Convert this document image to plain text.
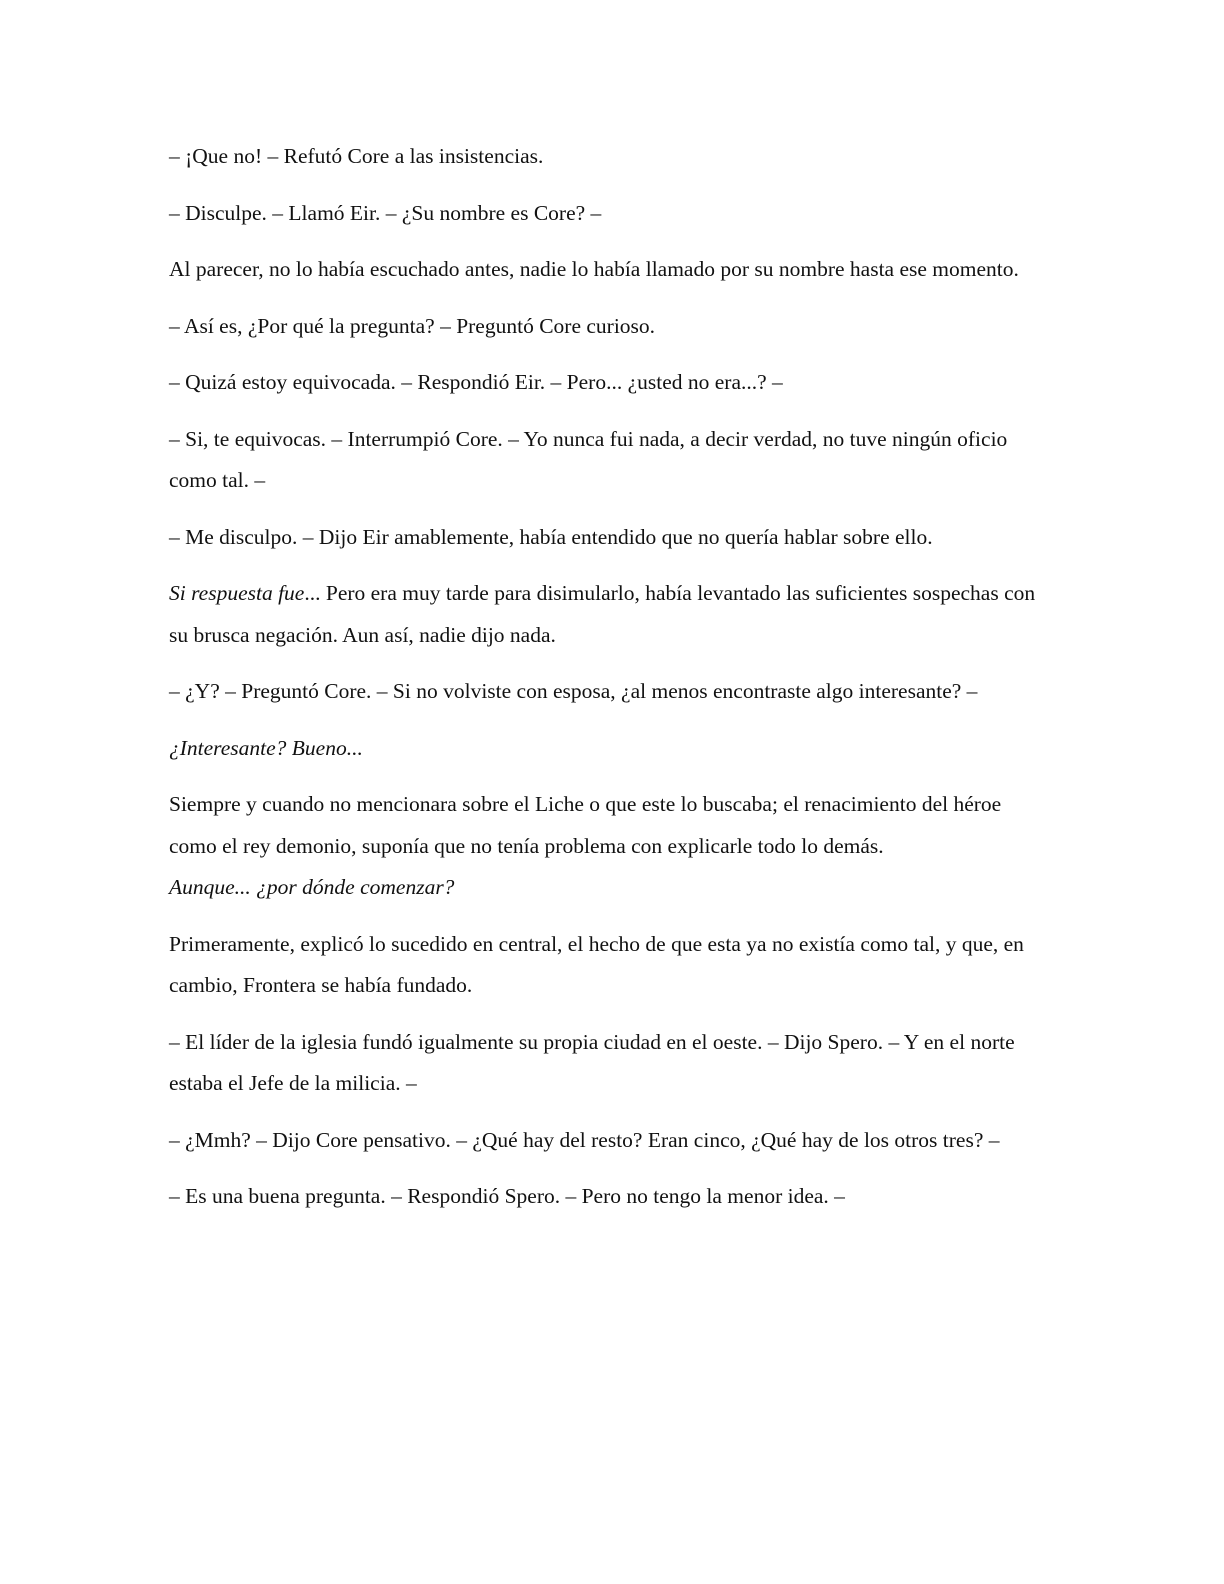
– ¡Que no! – Refutó Core a las insistencias.

– Disculpe. – Llamó Eir. – ¿Su nombre es Core? –

Al parecer, no lo había escuchado antes, nadie lo había llamado por su nombre hasta ese momento.

– Así es, ¿Por qué la pregunta? – Preguntó Core curioso.

– Quizá estoy equivocada. – Respondió Eir. – Pero... ¿usted no era...? –

– Si, te equivocas. – Interrumpió Core. – Yo nunca fui nada, a decir verdad, no tuve ningún oficio como tal. –

– Me disculpo. – Dijo Eir amablemente, había entendido que no quería hablar sobre ello.

Si respuesta fue... Pero era muy tarde para disimularlo, había levantado las suficientes sospechas con su brusca negación. Aun así, nadie dijo nada.

– ¿Y? – Preguntó Core. – Si no volviste con esposa, ¿al menos encontraste algo interesante? –

¿Interesante? Bueno...

Siempre y cuando no mencionara sobre el Liche o que este lo buscaba; el renacimiento del héroe como el rey demonio, suponía que no tenía problema con explicarle todo lo demás.
Aunque... ¿por dónde comenzar?

Primeramente, explicó lo sucedido en central, el hecho de que esta ya no existía como tal, y que, en cambio, Frontera se había fundado.

– El líder de la iglesia fundó igualmente su propia ciudad en el oeste. – Dijo Spero. – Y en el norte estaba el Jefe de la milicia. –

– ¿Mmh? – Dijo Core pensativo. – ¿Qué hay del resto? Eran cinco, ¿Qué hay de los otros tres? –

– Es una buena pregunta. – Respondió Spero. – Pero no tengo la menor idea. –
